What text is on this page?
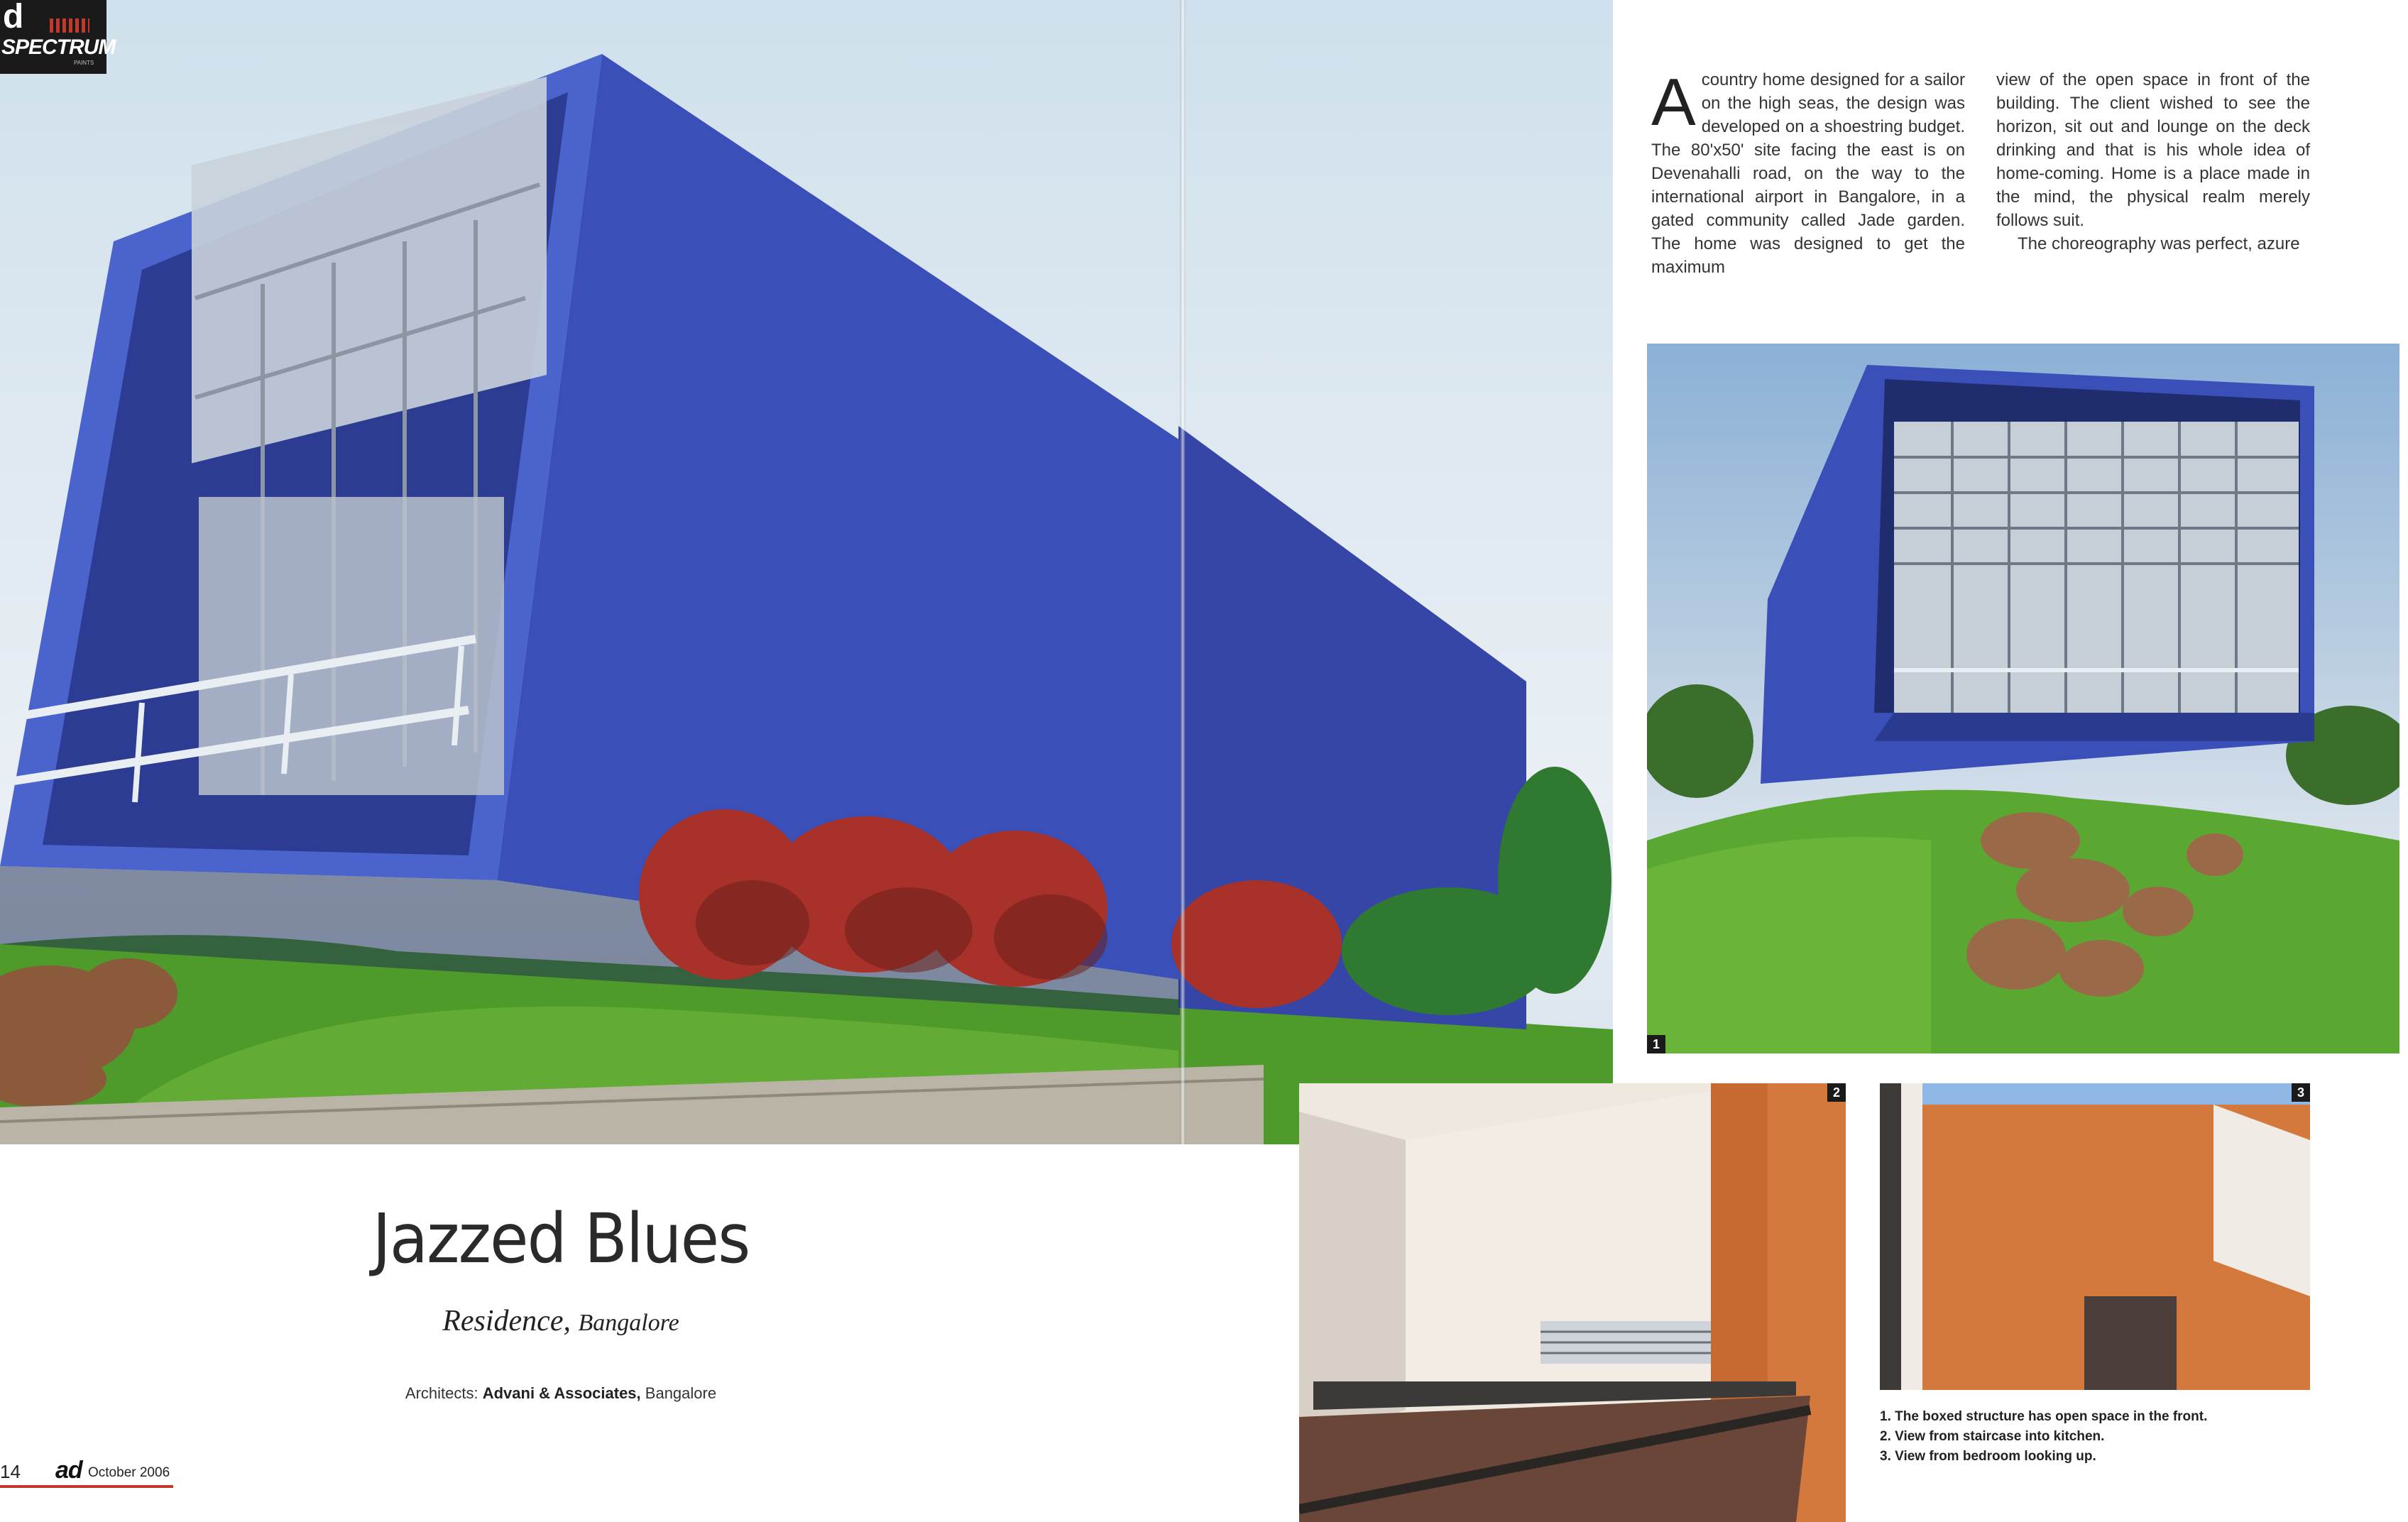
d
SPECTRUM
PAINTS
A country home designed for a sailor on the high seas, the design was developed on a shoestring budget. The 80'x50' site facing the east is on Devenahalli road, on the way to the international airport in Bangalore, in a gated community called Jade garden. The home was designed to get the maximum

view of the open space in front of the building. The client wished to see the horizon, sit out and lounge on the deck drinking and that is his whole idea of home-coming. Home is a place made in the mind, the physical realm merely follows suit.

The choreography was perfect, azure

1
2	3
1. The boxed structure has open space in the front.
2. View from staircase into kitchen.
3. View from bedroom looking up.
Jazzed Blues
Residence, Bangalore
Architects: Advani & Associates, Bangalore
14 ad October 2006
